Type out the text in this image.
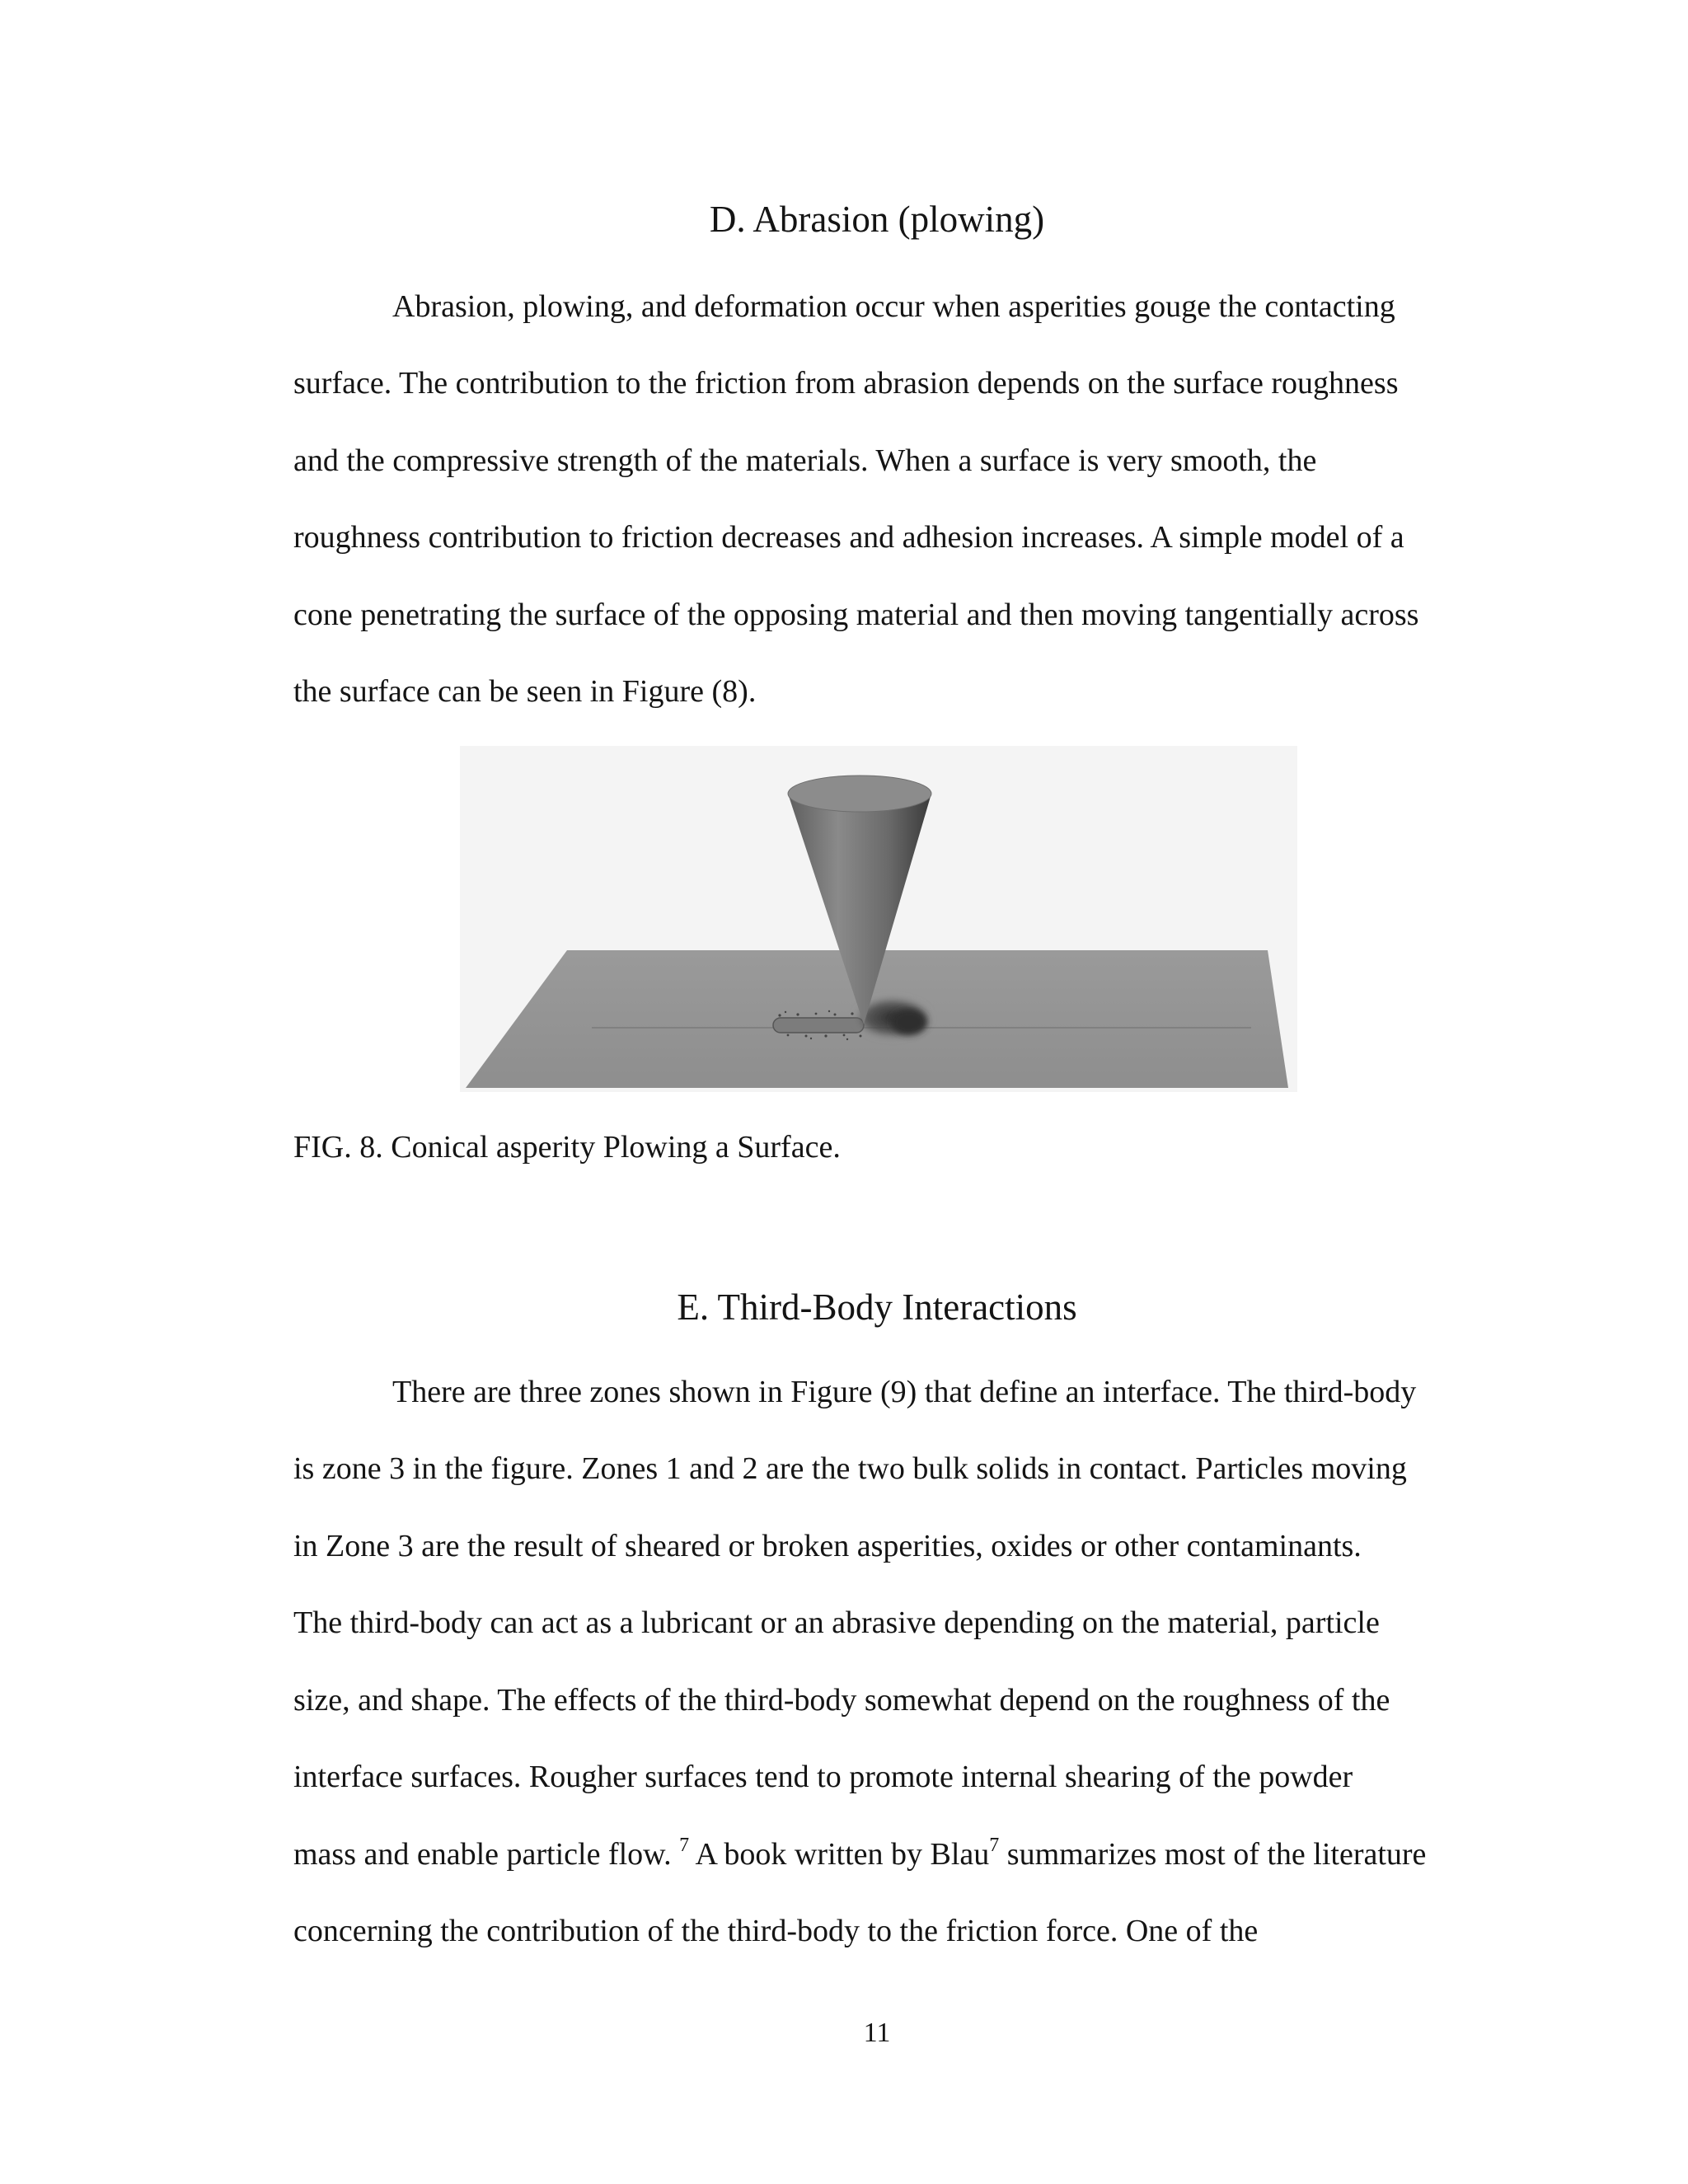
D. Abrasion (plowing)
Abrasion, plowing, and deformation occur when asperities gouge the contacting
surface. The contribution to the friction from abrasion depends on the surface roughness
and the compressive strength of the materials. When a surface is very smooth, the
roughness contribution to friction decreases and adhesion increases. A simple model of a
cone penetrating the surface of the opposing material and then moving tangentially across
the surface can be seen in Figure (8).
FIG. 8. Conical asperity Plowing a Surface.
E. Third-Body Interactions
There are three zones shown in Figure (9) that define an interface. The third-body
is zone 3 in the figure. Zones 1 and 2 are the two bulk solids in contact. Particles moving
in Zone 3 are the result of sheared or broken asperities, oxides or other contaminants.
The third-body can act as a lubricant or an abrasive depending on the material, particle
size, and shape. The effects of the third-body somewhat depend on the roughness of the
interface surfaces. Rougher surfaces tend to promote internal shearing of the powder
mass and enable particle flow. $^7$ A book written by Blau$^7$ summarizes most of the literature
concerning the contribution of the third-body to the friction force. One of the
11
